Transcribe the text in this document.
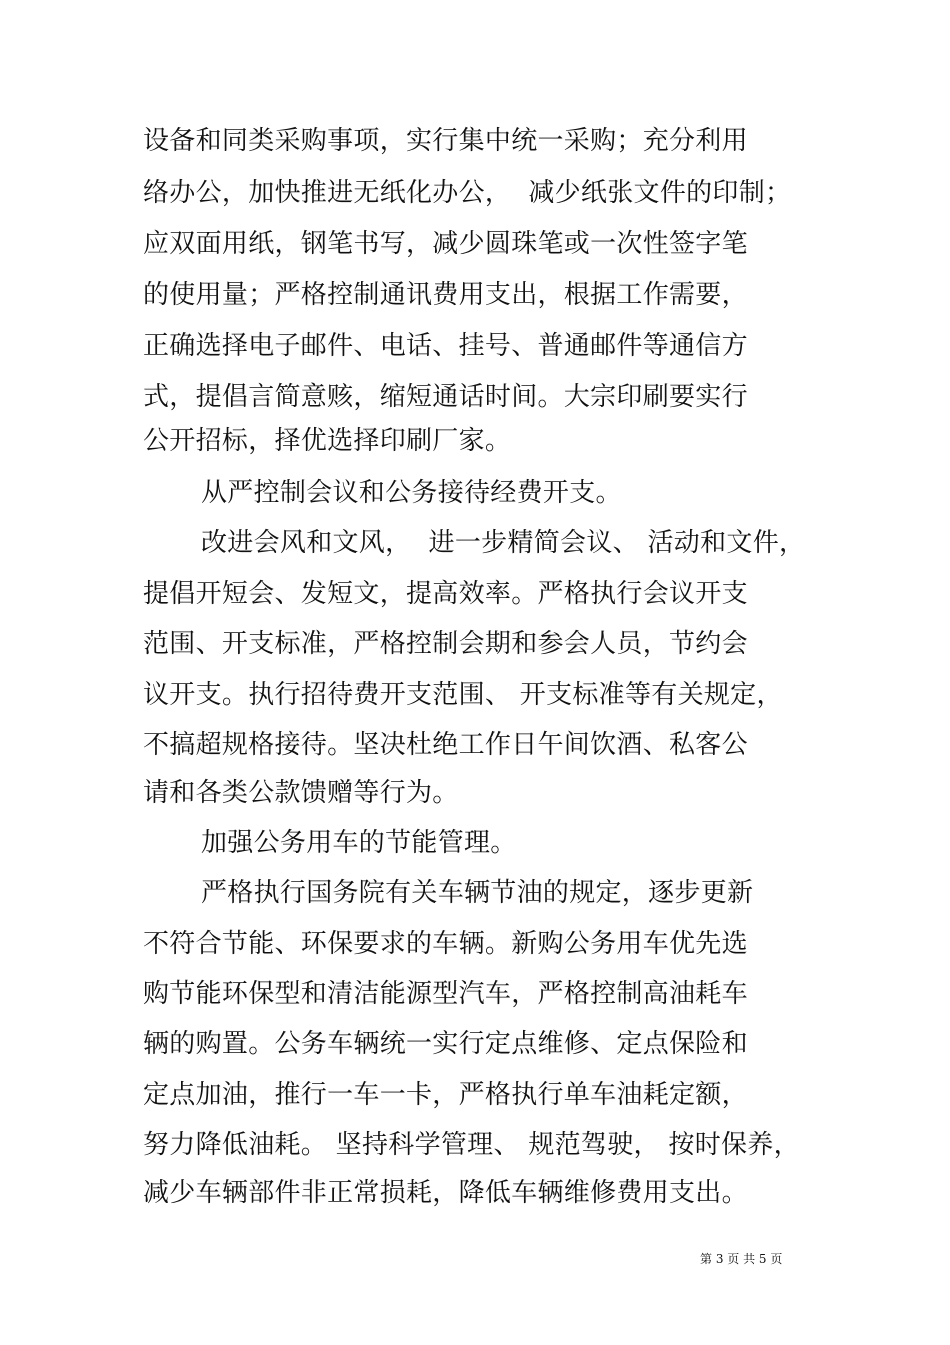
设备和同类采购事项，实行集中统一采购；充分利用
络办公，加快推进无纸化办公，  减少纸张文件的印制；
应双面用纸，钢笔书写，减少圆珠笔或一次性签字笔
的使用量；严格控制通讯费用支出，根据工作需要，
正确选择电子邮件、电话、挂号、普通邮件等通信方
式，提倡言简意赅，缩短通话时间。大宗印刷要实行
公开招标，择优选择印刷厂家。
从严控制会议和公务接待经费开支。
改进会风和文风，  进一步精简会议、 活动和文件，
提倡开短会、发短文，提高效率。严格执行会议开支
范围、开支标准，严格控制会期和参会人员，节约会
议开支。执行招待费开支范围、 开支标准等有关规定，
不搞超规格接待。坚决杜绝工作日午间饮酒、私客公
请和各类公款馈赠等行为。
加强公务用车的节能管理。
严格执行国务院有关车辆节油的规定，逐步更新
不符合节能、环保要求的车辆。新购公务用车优先选
购节能环保型和清洁能源型汽车，严格控制高油耗车
辆的购置。公务车辆统一实行定点维修、定点保险和
定点加油，推行一车一卡，严格执行单车油耗定额，
努力降低油耗。 坚持科学管理、 规范驾驶， 按时保养，
减少车辆部件非正常损耗，降低车辆维修费用支出。
第 3 页 共 5 页
